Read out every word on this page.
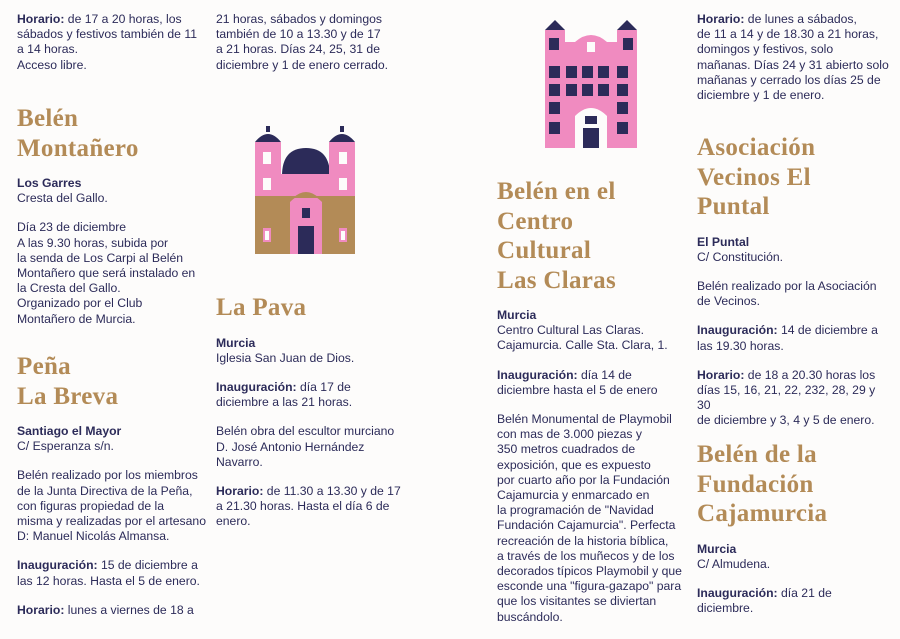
Horario: de 17 a 20 horas, los
sábados y festivos también de 11
a 14 horas.
Acceso libre.

Belén
Montañero

Los Garres

Cresta del Gallo.

Día 23 de diciembre
A las 9.30 horas, subida por
la senda de Los Carpi al Belén
Montañero que será instalado en
la Cresta del Gallo.
Organizado por el Club
Montañero de Murcia.

Peña
La Breva

Santiago el Mayor

C/ Esperanza s/n.

Belén realizado por los miembros
de la Junta Directiva de la Peña,
con figuras propiedad de la
misma y realizadas por el artesano
D: Manuel Nicolás Almansa.

Inauguración: 15 de diciembre a
las 12 horas. Hasta el 5 de enero.

Horario: lunes a viernes de 18 a

21 horas, sábados y domingos
también de 10 a 13.30 y de 17
a 21 horas. Días 24, 25, 31 de
diciembre y 1 de enero cerrado.

La Pava

Murcia

Iglesia San Juan de Dios.

Inauguración: día 17 de
diciembre a las 21 horas.

Belén obra del escultor murciano
D. José Antonio Hernández
Navarro.

Horario: de 11.30 a 13.30 y de 17
a 21.30 horas. Hasta el día 6 de
enero.

Belén en el
Centro
Cultural
Las Claras

Murcia

Centro Cultural Las Claras.
Cajamurcia. Calle Sta. Clara, 1.

Inauguración: día 14 de
diciembre hasta el 5 de enero

Belén Monumental de Playmobil
con mas de 3.000 piezas y
350 metros cuadrados de
exposición, que es expuesto
por cuarto año por la Fundación
Cajamurcia y enmarcado en
la programación de "Navidad
Fundación Cajamurcia". Perfecta
recreación de la historia bíblica,
a través de los muñecos y de los
decorados típicos Playmobil y que
esconde una "figura-gazapo" para
que los visitantes se diviertan
buscándolo.

Horario: de lunes a sábados,
de 11 a 14 y de 18.30 a 21 horas,
domingos y festivos, solo
mañanas. Días 24 y 31 abierto solo
mañanas y cerrado los días 25 de
diciembre y 1 de enero.

Asociación
Vecinos El
Puntal

El Puntal

C/ Constitución.

Belén realizado por la Asociación
de Vecinos.

Inauguración: 14 de diciembre a
las 19.30 horas.

Horario: de 18 a 20.30 horas los
días 15, 16, 21, 22, 232, 28, 29 y 30
de diciembre y 3, 4 y 5 de enero.

Belén de la
Fundación
Cajamurcia

Murcia

C/ Almudena.

Inauguración: día 21 de
diciembre.
